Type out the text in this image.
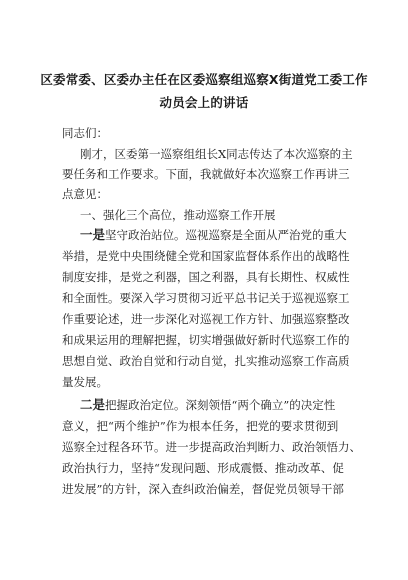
区委常委、区委办主任在区委巡察组巡察X街道党工委工作

动员会上的讲话

同志们：

刚才，区委第一巡察组组长X同志传达了本次巡察的主

要任务和工作要求。下面，我就做好本次巡察工作再讲三

点意见：

一、强化三个高位，推动巡察工作开展

一是坚守政治站位。巡视巡察是全面从严治党的重大

举措，是党中央围绕健全党和国家监督体系作出的战略性

制度安排，是党之利器，国之利器，具有长期性、权威性

和全面性。要深入学习贯彻习近平总书记关于巡视巡察工

作重要论述，进一步深化对巡视工作方针、加强巡察整改

和成果运用的理解把握，切实增强做好新时代巡察工作的

思想自觉、政治自觉和行动自觉，扎实推动巡察工作高质

量发展。

二是把握政治定位。深刻领悟“两个确立”的决定性

意义，把“两个维护”作为根本任务，把党的要求贯彻到

巡察全过程各环节。进一步提高政治判断力、政治领悟力、

政治执行力，坚持“发现问题、形成震慑、推动改革、促

进发展”的方针，深入查纠政治偏差，督促党员领导干部
